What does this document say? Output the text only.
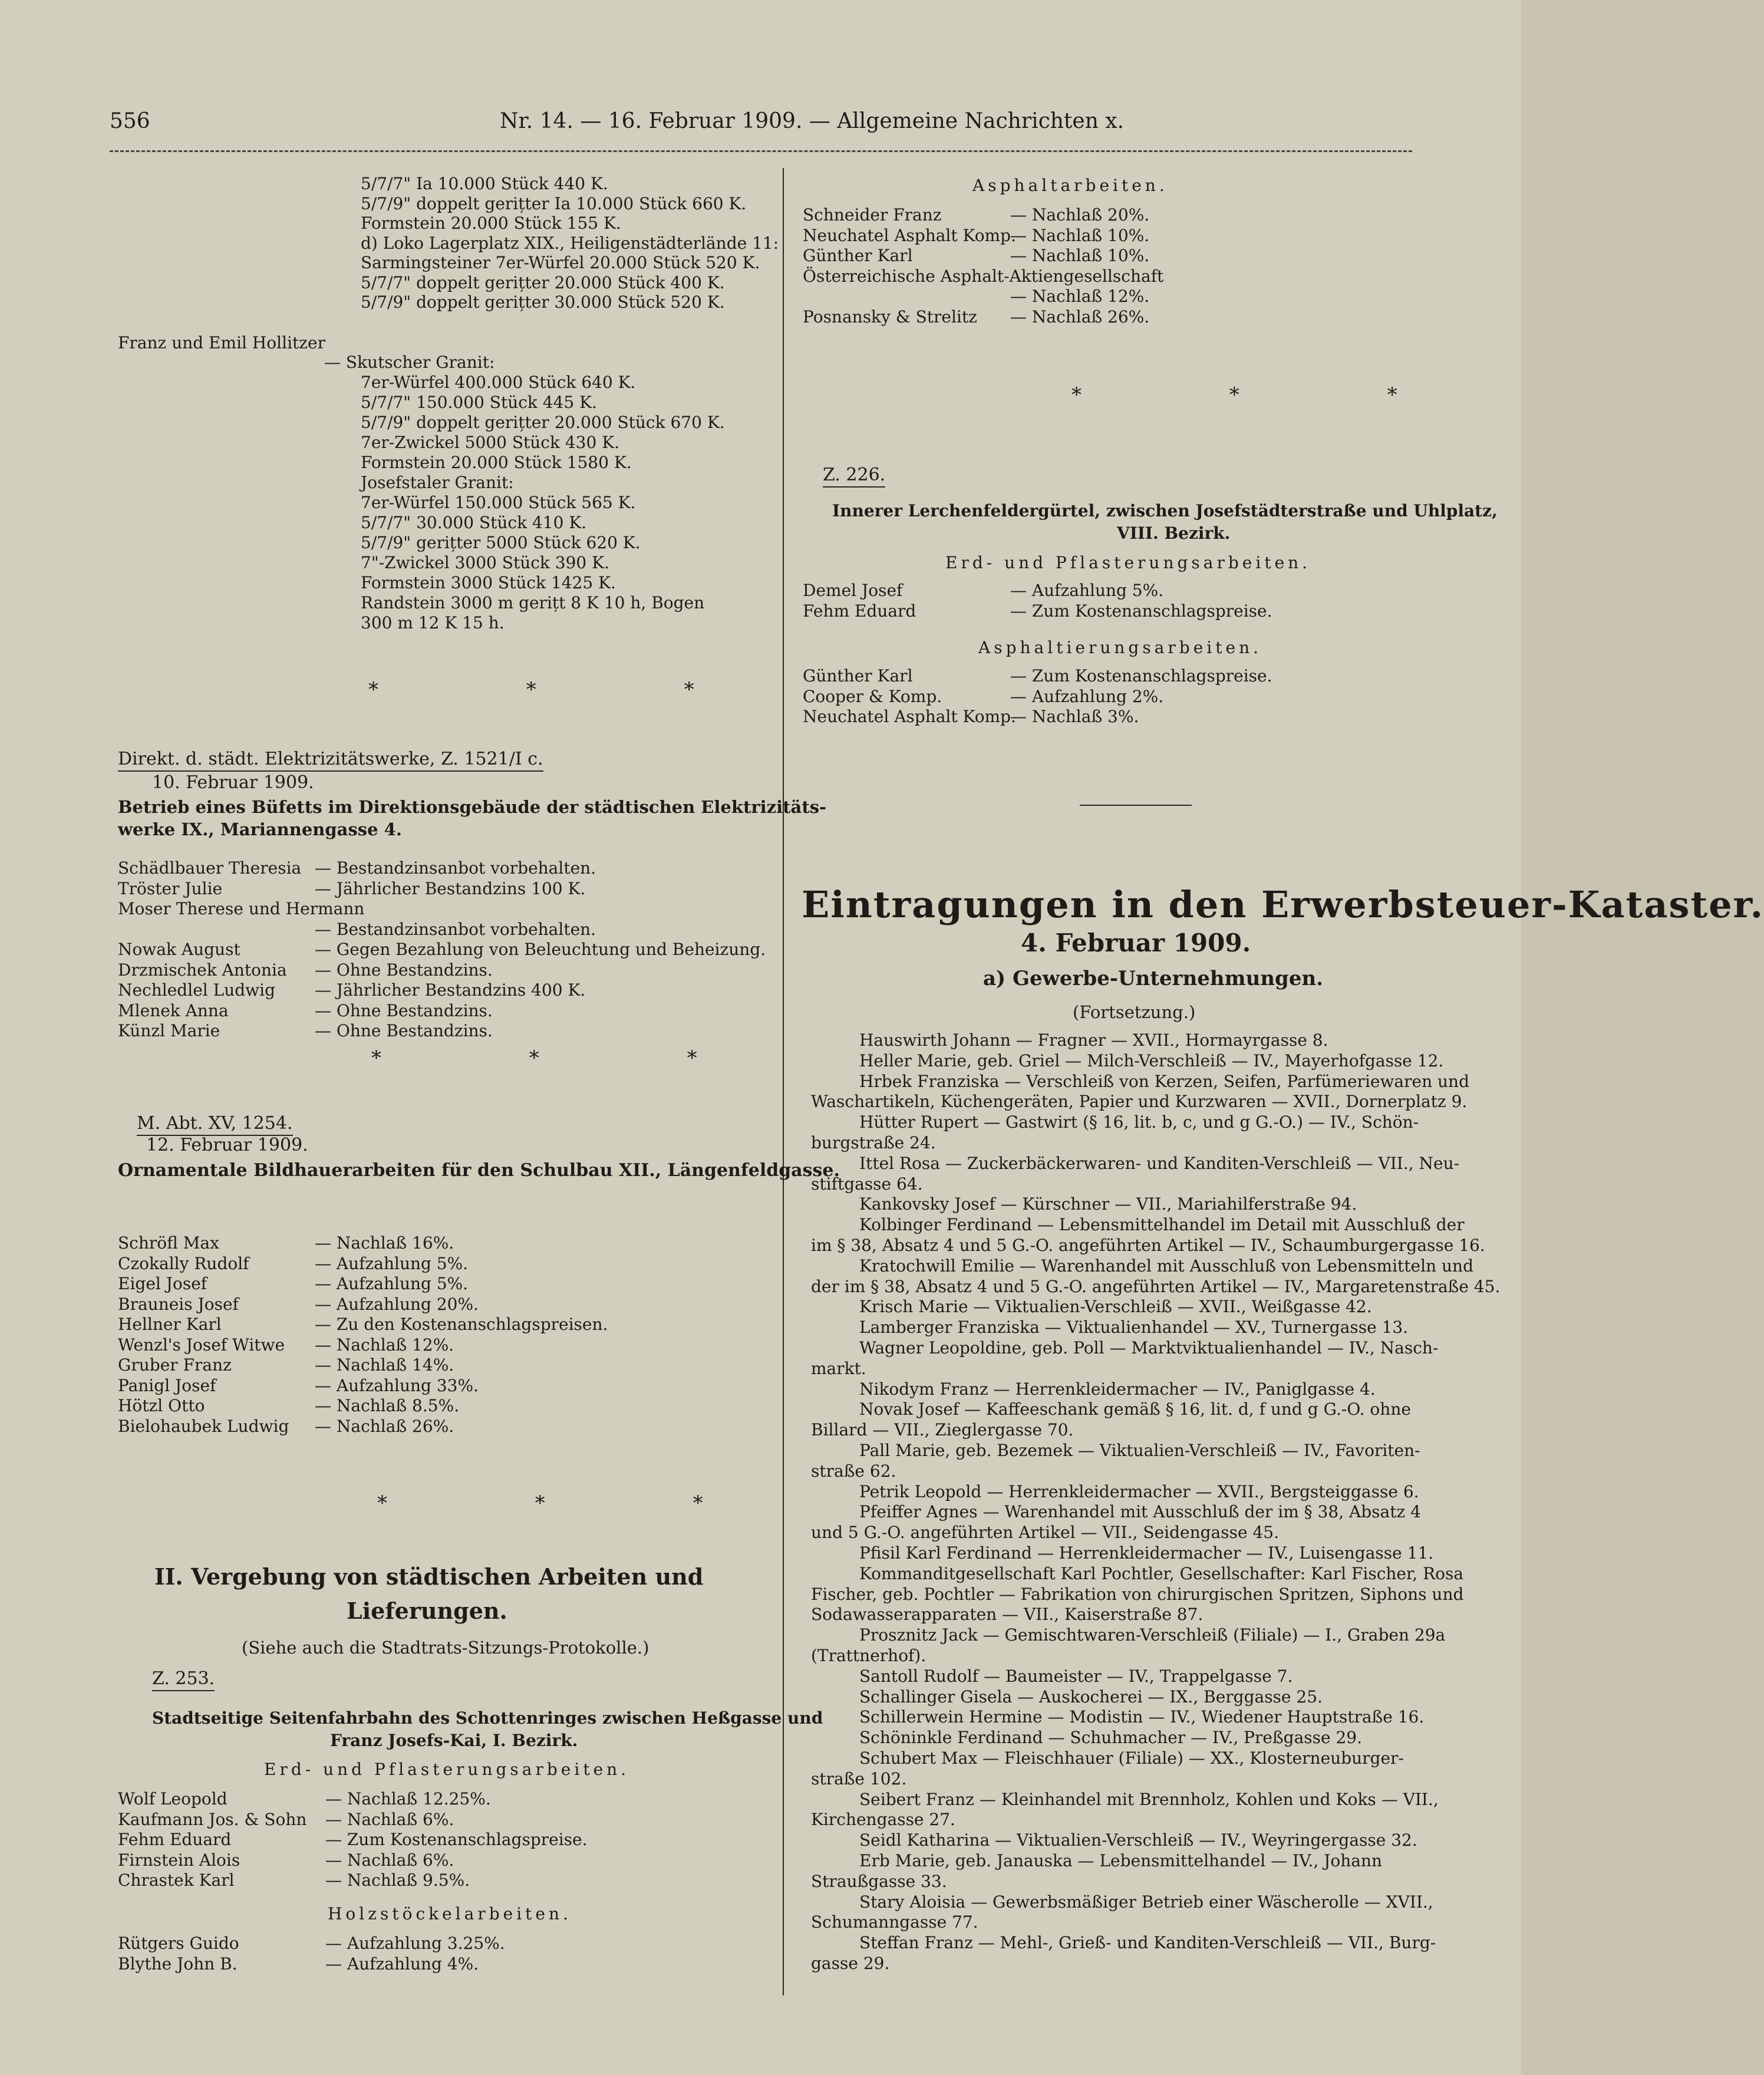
556	Nr. 14. — 16. Februar 1909. — Allgemeine Nachrichten x.
5/7/7" Ia 10.000 Stück 440 K.
5/7/9" doppelt gerițter Ia 10.000 Stück 660 K.
Formstein 20.000 Stück 155 K.
d) Loko Lagerplatz XIX., Heiligenstädterlände 11:
Sarmingsteiner 7er-Würfel 20.000 Stück 520 K.
5/7/7" doppelt gerițter 20.000 Stück 400 K.
5/7/9" doppelt gerițter 30.000 Stück 520 K.
Franz und Emil Hollitzer
— Skutscher Granit:
7er-Würfel 400.000 Stück 640 K.
5/7/7" 150.000 Stück 445 K.
5/7/9" doppelt gerițter 20.000 Stück 670 K.
7er-Zwickel 5000 Stück 430 K.
Formstein 20.000 Stück 1580 K.
Josefstaler Granit:
7er-Würfel 150.000 Stück 565 K.
5/7/7" 30.000 Stück 410 K.
5/7/9" gerițter 5000 Stück 620 K.
7"-Zwickel 3000 Stück 390 K.
Formstein 3000 Stück 1425 K.
Randstein 3000 m gerițt 8 K 10 h, Bogen
300 m 12 K 15 h.
* * *
Direkt. d. städt. Elektrizitätswerke, Z. 1521/I c.
10. Februar 1909.
Betrieb eines Büfetts im Direktionsgebäude der städtischen Elektrizitäts-
werke IX., Mariannengasse 4.
Schädlbauer Theresia — Bestandzinsanbot vorbehalten.
Tröster Julie	— Jährlicher Bestandzins 100 K.
Moser Therese und Hermann
— Bestandzinsanbot vorbehalten.
Nowak August	— Gegen Bezahlung von Beleuchtung und Beheizung.
Drzmischek Antonia — Ohne Bestandzins.
Nechledlel Ludwig — Jährlicher Bestandzins 400 K.
Mlenek Anna	— Ohne Bestandzins.
Künzl Marie	— Ohne Bestandzins.
* * *
M. Abt. XV, 1254.
12. Februar 1909.
Ornamentale Bildhauerarbeiten für den Schulbau XII., Längenfeldgasse.
Schröfl Max	— Nachlaß 16%.
Czokally Rudolf	— Aufzahlung 5%.
Eigel Josef	— Aufzahlung 5%.
Brauneis Josef	— Aufzahlung 20%.
Hellner Karl	— Zu den Kostenanschlagspreisen.
Wenzl's Josef Witwe — Nachlaß 12%.
Gruber Franz	— Nachlaß 14%.
Panigl Josef	— Aufzahlung 33%.
Hötzl Otto	— Nachlaß 8.5%.
Bielohaubek Ludwig — Nachlaß 26%.
* * *
II. Vergebung von städtischen Arbeiten und
Lieferungen.
(Siehe auch die Stadtrats-Sitzungs-Protokolle.)
Z. 253.
Stadtseitige Seitenfahrbahn des Schottenringes zwischen Heßgasse und
Franz Josefs-Kai, I. Bezirk.
Erd- und Pflasterungsarbeiten.
Wolf Leopold	— Nachlaß 12.25%.
Kaufmann Jos. & Sohn — Nachlaß 6%.
Fehm Eduard	— Zum Kostenanschlagspreise.
Firnstein Alois	— Nachlaß 6%.
Chrastek Karl	— Nachlaß 9.5%.
Holzstöckelarbeiten.
Rütgers Guido	— Aufzahlung 3.25%.
Blythe John B.	— Aufzahlung 4%.
Asphaltarbeiten.
Schneider Franz	— Nachlaß 20%.
Neuchatel Asphalt Komp.
— Nachlaß 10%.
Günther Karl	— Nachlaß 10%.
Österreichische Asphalt-Aktiengesellschaft
— Nachlaß 12%.
Posnansky & Strelitz — Nachlaß 26%.
* * *
Z. 226.
Innerer Lerchenfeldergürtel, zwischen Josefstädterstraße und Uhlplatz,
VIII. Bezirk.
Erd- und Pflasterungsarbeiten.
Demel Josef	— Aufzahlung 5%.
Fehm Eduard	— Zum Kostenanschlagspreise.
Asphaltierungsarbeiten.
Günther Karl	— Zum Kostenanschlagspreise.
Cooper & Komp.	— Aufzahlung 2%.
Neuchatel Asphalt Komp.
— Nachlaß 3%.
Eintragungen in den Erwerbsteuer-Kataster.
4. Februar 1909.
a) Gewerbe-Unternehmungen.
(Fortsetzung.)
Hauswirth Johann — Fragner — XVII., Hormayrgasse 8.
Heller Marie, geb. Griel — Milch-Verschleiß — IV., Mayerhofgasse 12.
Hrbek Franziska — Verschleiß von Kerzen, Seifen, Parfümeriewaren und
Waschartikeln, Küchengeräten, Papier und Kurzwaren — XVII., Dornerplatz 9.
Hütter Rupert — Gastwirt (§ 16, lit. b, c, und g G.-O.) — IV., Schön-
burgstraße 24.
Ittel Rosa — Zuckerbäckerwaren- und Kanditen-Verschleiß — VII., Neu-
stiftgasse 64.
Kankovsky Josef — Kürschner — VII., Mariahilferstraße 94.
Kolbinger Ferdinand — Lebensmittelhandel im Detail mit Ausschluß der
im § 38, Absatz 4 und 5 G.-O. angeführten Artikel — IV., Schaumburgergasse 16.
Kratochwill Emilie — Warenhandel mit Ausschluß von Lebensmitteln und
der im § 38, Absatz 4 und 5 G.-O. angeführten Artikel — IV., Margaretenstraße 45.
Krisch Marie — Viktualien-Verschleiß — XVII., Weißgasse 42.
Lamberger Franziska — Viktualienhandel — XV., Turnergasse 13.
Wagner Leopoldine, geb. Poll — Marktviktualienhandel — IV., Nasch-
markt.
Nikodym Franz — Herrenkleidermacher — IV., Paniglgasse 4.
Novak Josef — Kaffeeschank gemäß § 16, lit. d, f und g G.-O. ohne
Billard — VII., Zieglergasse 70.
Pall Marie, geb. Bezemek — Viktualien-Verschleiß — IV., Favoriten-
straße 62.
Petrik Leopold — Herrenkleidermacher — XVII., Bergsteiggasse 6.
Pfeiffer Agnes — Warenhandel mit Ausschluß der im § 38, Absatz 4
und 5 G.-O. angeführten Artikel — VII., Seidengasse 45.
Pfisil Karl Ferdinand — Herrenkleidermacher — IV., Luisengasse 11.
Kommanditgesellschaft Karl Pochtler, Gesellschafter: Karl Fischer, Rosa
Fischer, geb. Pochtler — Fabrikation von chirurgischen Spritzen, Siphons und
Sodawasserapparaten — VII., Kaiserstraße 87.
Prosznitz Jack — Gemischtwaren-Verschleiß (Filiale) — I., Graben 29a
(Trattnerhof).
Santoll Rudolf — Baumeister — IV., Trappelgasse 7.
Schallinger Gisela — Auskocherei — IX., Berggasse 25.
Schillerwein Hermine — Modistin — IV., Wiedener Hauptstraße 16.
Schöninkle Ferdinand — Schuhmacher — IV., Preßgasse 29.
Schubert Max — Fleischhauer (Filiale) — XX., Klosterneuburger-
straße 102.
Seibert Franz — Kleinhandel mit Brennholz, Kohlen und Koks — VII.,
Kirchengasse 27.
Seidl Katharina — Viktualien-Verschleiß — IV., Weyringergasse 32.
Erb Marie, geb. Janauska — Lebensmittelhandel — IV., Johann
Straußgasse 33.
Stary Aloisia — Gewerbsmäßiger Betrieb einer Wäscherolle — XVII.,
Schumanngasse 77.
Steffan Franz — Mehl-, Grieß- und Kanditen-Verschleiß — VII., Burg-
gasse 29.
